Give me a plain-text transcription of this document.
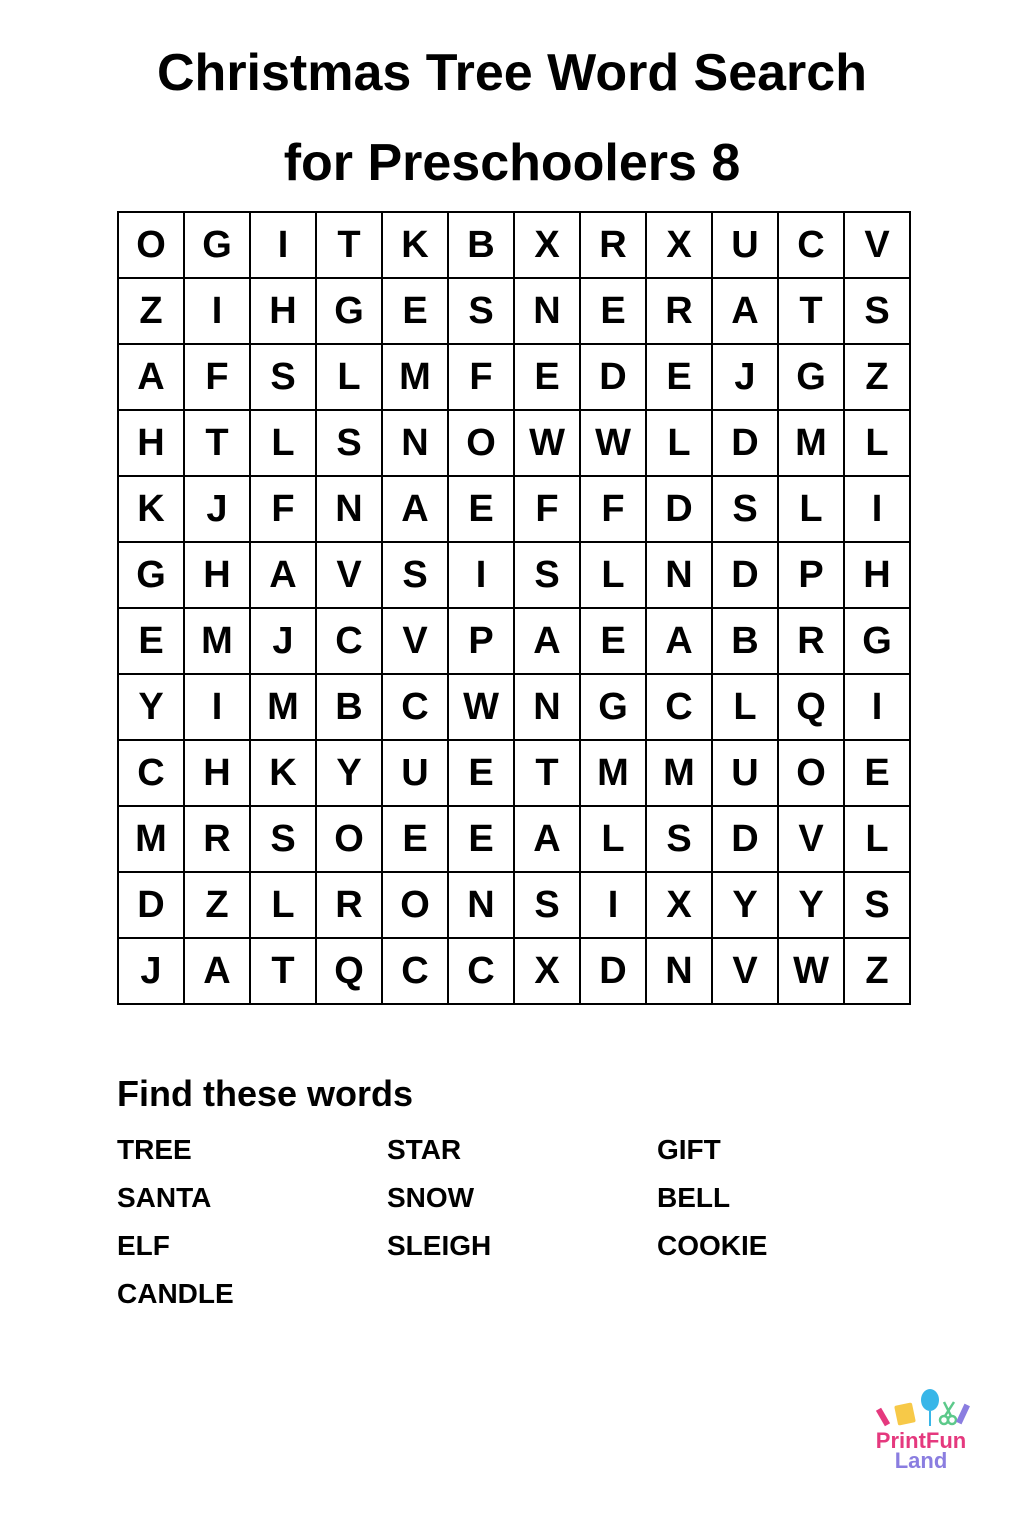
Christmas Tree Word Search
for Preschoolers 8
O	G	I	T	K	B	X	R	X	U	C	V
Z	I	H	G	E	S	N	E	R	A	T	S
A	F	S	L	M	F	E	D	E	J	G	Z
H	T	L	S	N	O	W	W	L	D	M	L
K	J	F	N	A	E	F	F	D	S	L	I
G	H	A	V	S	I	S	L	N	D	P	H
E	M	J	C	V	P	A	E	A	B	R	G
Y	I	M	B	C	W	N	G	C	L	Q	I
C	H	K	Y	U	E	T	M	M	U	O	E
M	R	S	O	E	E	A	L	S	D	V	L
D	Z	L	R	O	N	S	I	X	Y	Y	S
J	A	T	Q	C	C	X	D	N	V	W	Z
Find these words
TREE	STAR	GIFT
SANTA	SNOW	BELL
ELF	SLEIGH	COOKIE
CANDLE
PrintFun
Land
